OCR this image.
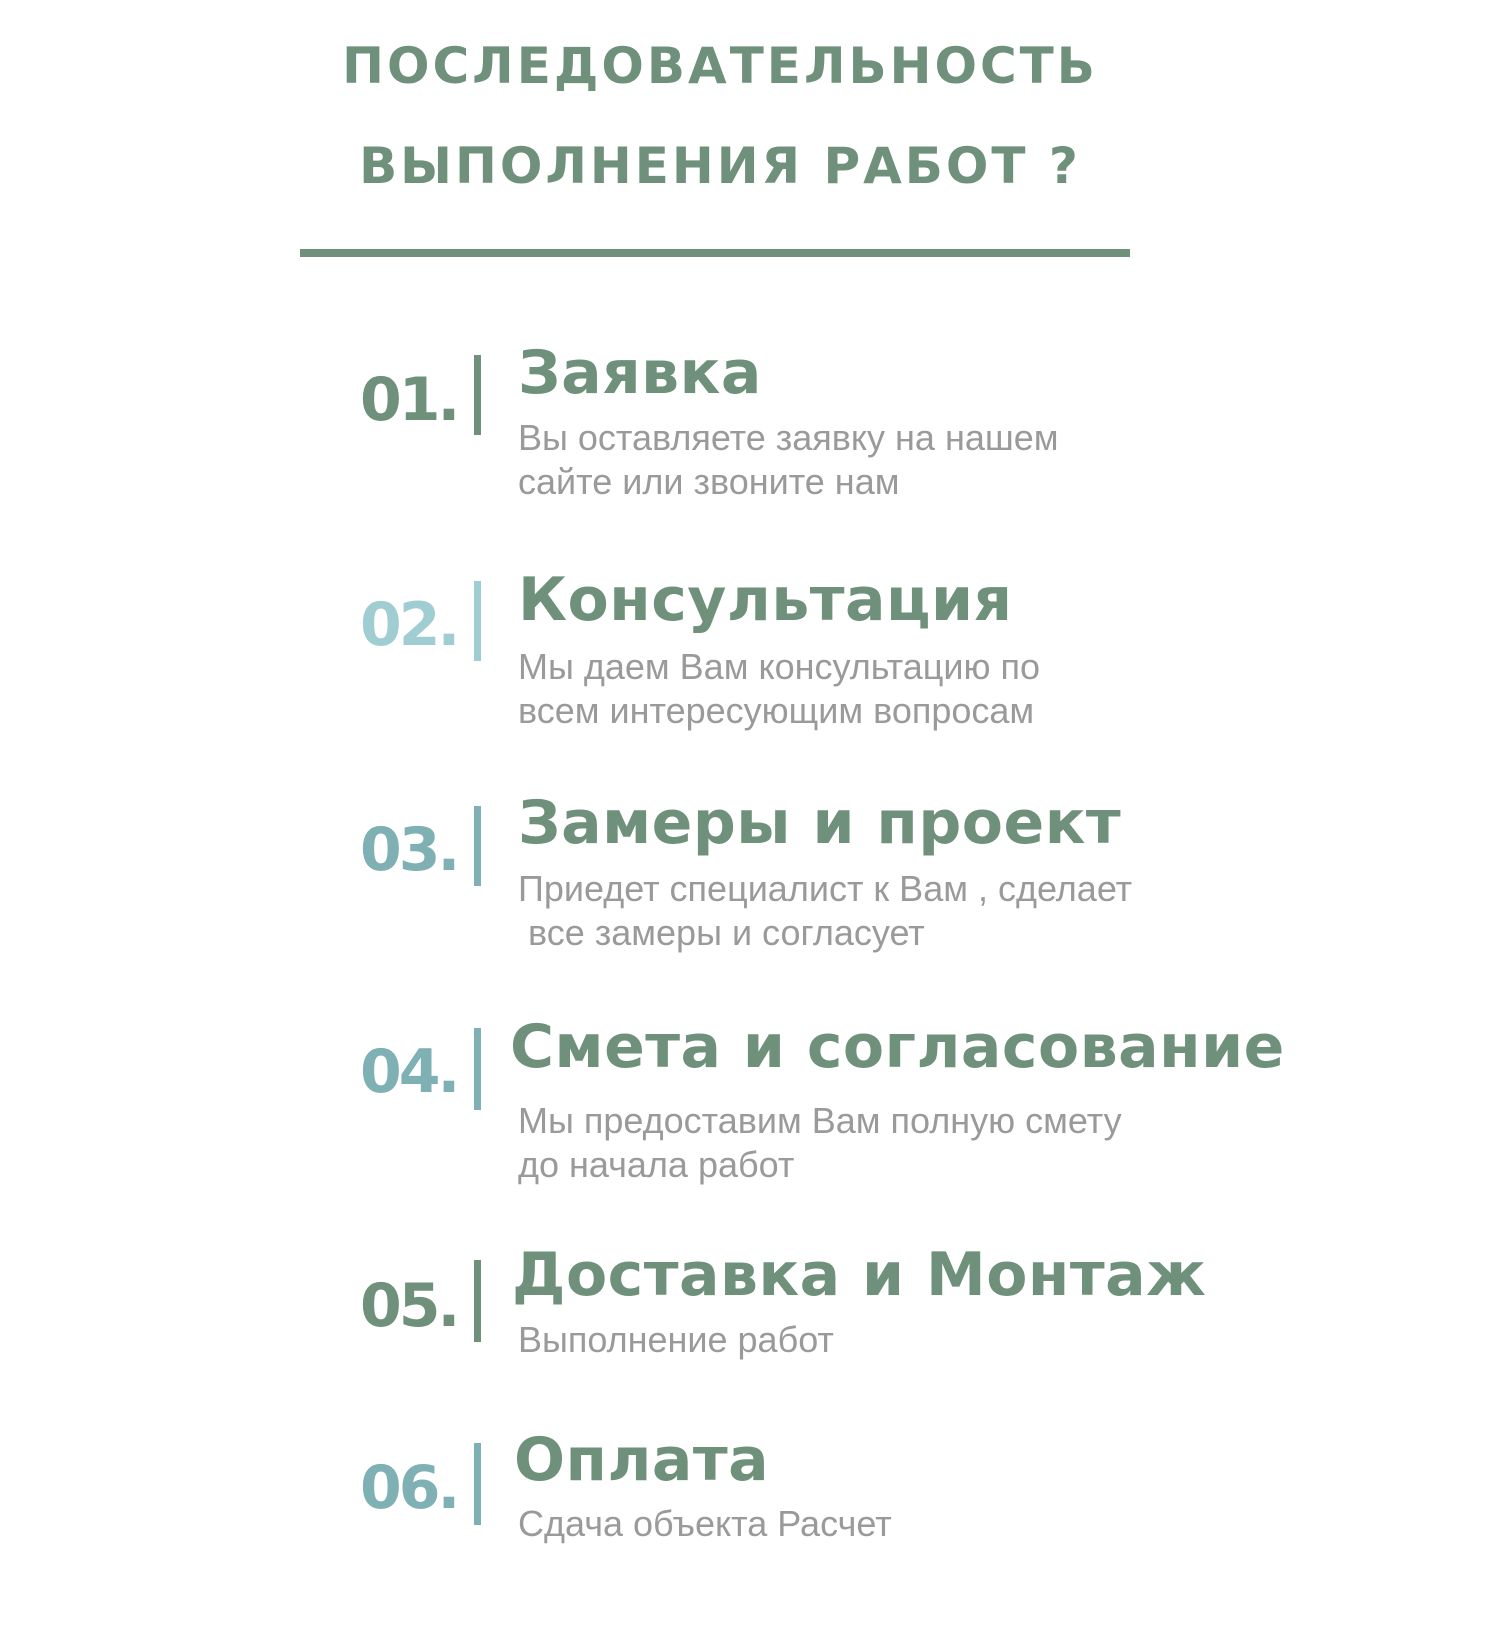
ПОСЛЕДОВАТЕЛЬНОСТЬ
ВЫПОЛНЕНИЯ РАБОТ ?
01. Заявка
Вы оставляете заявку на нашем
сайте или звоните нам
02. Консультация
Мы даем Вам консультацию по
всем интересующим вопросам
03. Замеры и проект
Приедет специалист к Вам , сделает
все замеры и согласует
04. Смета и согласование
Мы предоставим Вам полную смету
до начала работ
05. Доставка и Монтаж
Выполнение работ
06. Оплата
Сдача объекта Расчет
